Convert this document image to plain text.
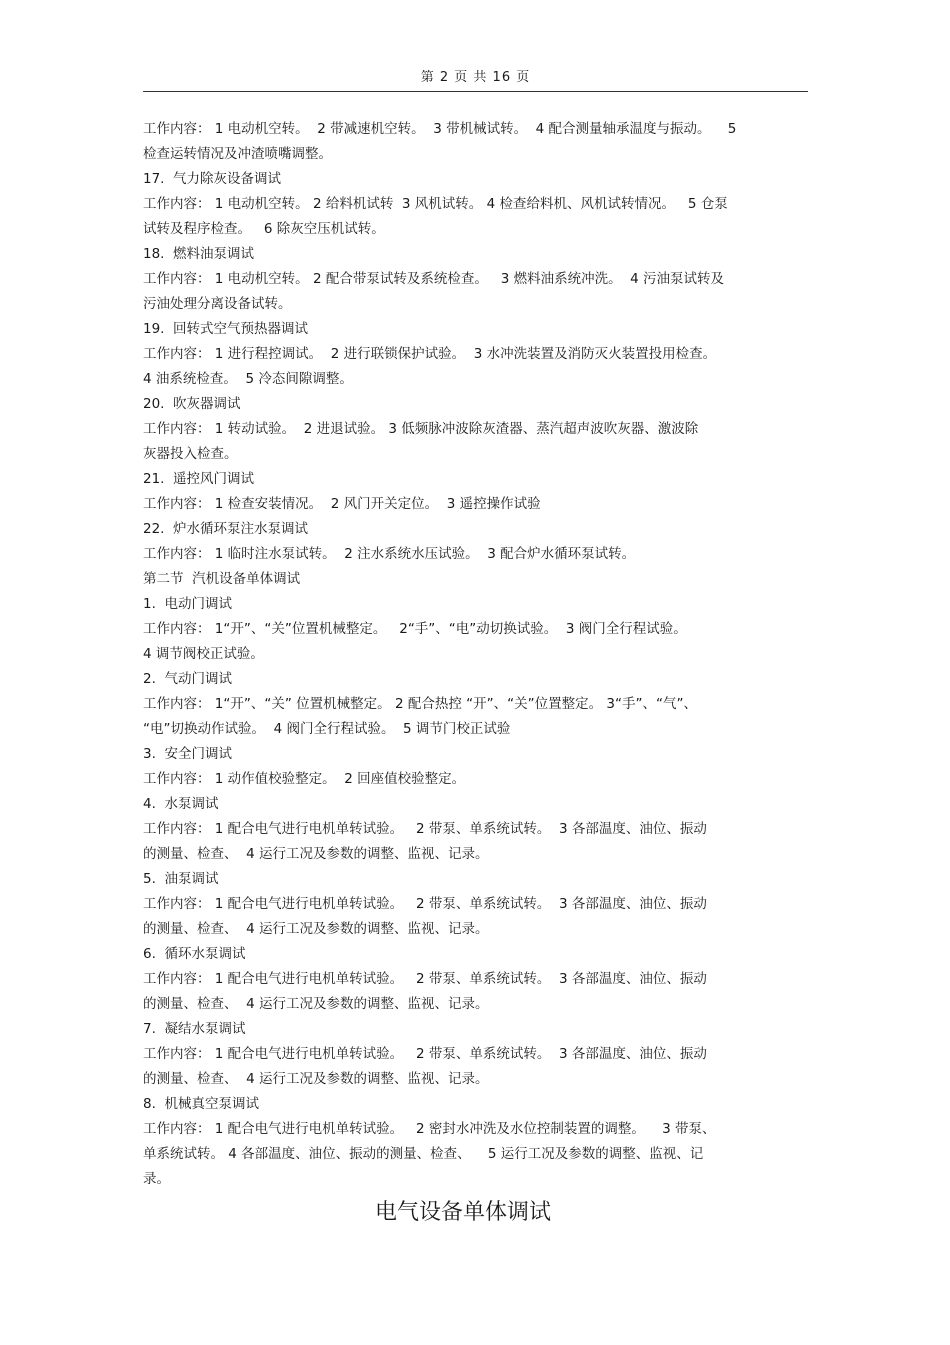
第 2 页 共 16 页

工作内容： 1 电动机空转。  2 带减速机空转。  3 带机械试转。  4 配合测量轴承温度与振动。    5

检查运转情况及冲渣喷嘴调整。

17.  气力除灰设备调试

工作内容： 1 电动机空转。 2 给料机试转  3 风机试转。 4 检查给料机、风机试转情况。   5 仓泵

试转及程序检查。   6 除灰空压机试转。

18.  燃料油泵调试

工作内容： 1 电动机空转。 2 配合带泵试转及系统检查。   3 燃料油系统冲洗。  4 污油泵试转及

污油处理分离设备试转。

19.  回转式空气预热器调试

工作内容： 1 进行程控调试。  2 进行联锁保护试验。  3 水冲洗装置及消防灭火装置投用检查。

4 油系统检查。  5 冷态间隙调整。

20.  吹灰器调试

工作内容： 1 转动试验。  2 进退试验。 3 低频脉冲波除灰渣器、蒸汽超声波吹灰器、激波除

灰器投入检查。

21.  遥控风门调试

工作内容： 1 检查安装情况。  2 风门开关定位。  3 遥控操作试验

22.  炉水循环泵注水泵调试

工作内容： 1 临时注水泵试转。  2 注水系统水压试验。  3 配合炉水循环泵试转。

第二节  汽机设备单体调试

1.  电动门调试

工作内容： 1“开”、“关”位置机械整定。   2“手”、“电”动切换试验。  3 阀门全行程试验。

4 调节阀校正试验。

2.  气动门调试

工作内容： 1“开”、“关” 位置机械整定。 2 配合热控 “开”、“关”位置整定。 3“手”、“气”、

“电”切换动作试验。  4 阀门全行程试验。  5 调节门校正试验

3.  安全门调试

工作内容： 1 动作值校验整定。  2 回座值校验整定。

4.  水泵调试

工作内容： 1 配合电气进行电机单转试验。   2 带泵、单系统试转。  3 各部温度、油位、振动

的测量、检查、  4 运行工况及参数的调整、监视、记录。

5.  油泵调试

工作内容： 1 配合电气进行电机单转试验。   2 带泵、单系统试转。  3 各部温度、油位、振动

的测量、检查、  4 运行工况及参数的调整、监视、记录。

6.  循环水泵调试

工作内容： 1 配合电气进行电机单转试验。   2 带泵、单系统试转。  3 各部温度、油位、振动

的测量、检查、  4 运行工况及参数的调整、监视、记录。

7.  凝结水泵调试

工作内容： 1 配合电气进行电机单转试验。   2 带泵、单系统试转。  3 各部温度、油位、振动

的测量、检查、  4 运行工况及参数的调整、监视、记录。

8.  机械真空泵调试

工作内容： 1 配合电气进行电机单转试验。   2 密封水冲洗及水位控制装置的调整。    3 带泵、

单系统试转。 4 各部温度、油位、振动的测量、检查、    5 运行工况及参数的调整、监视、记

录。

电气设备单体调试
